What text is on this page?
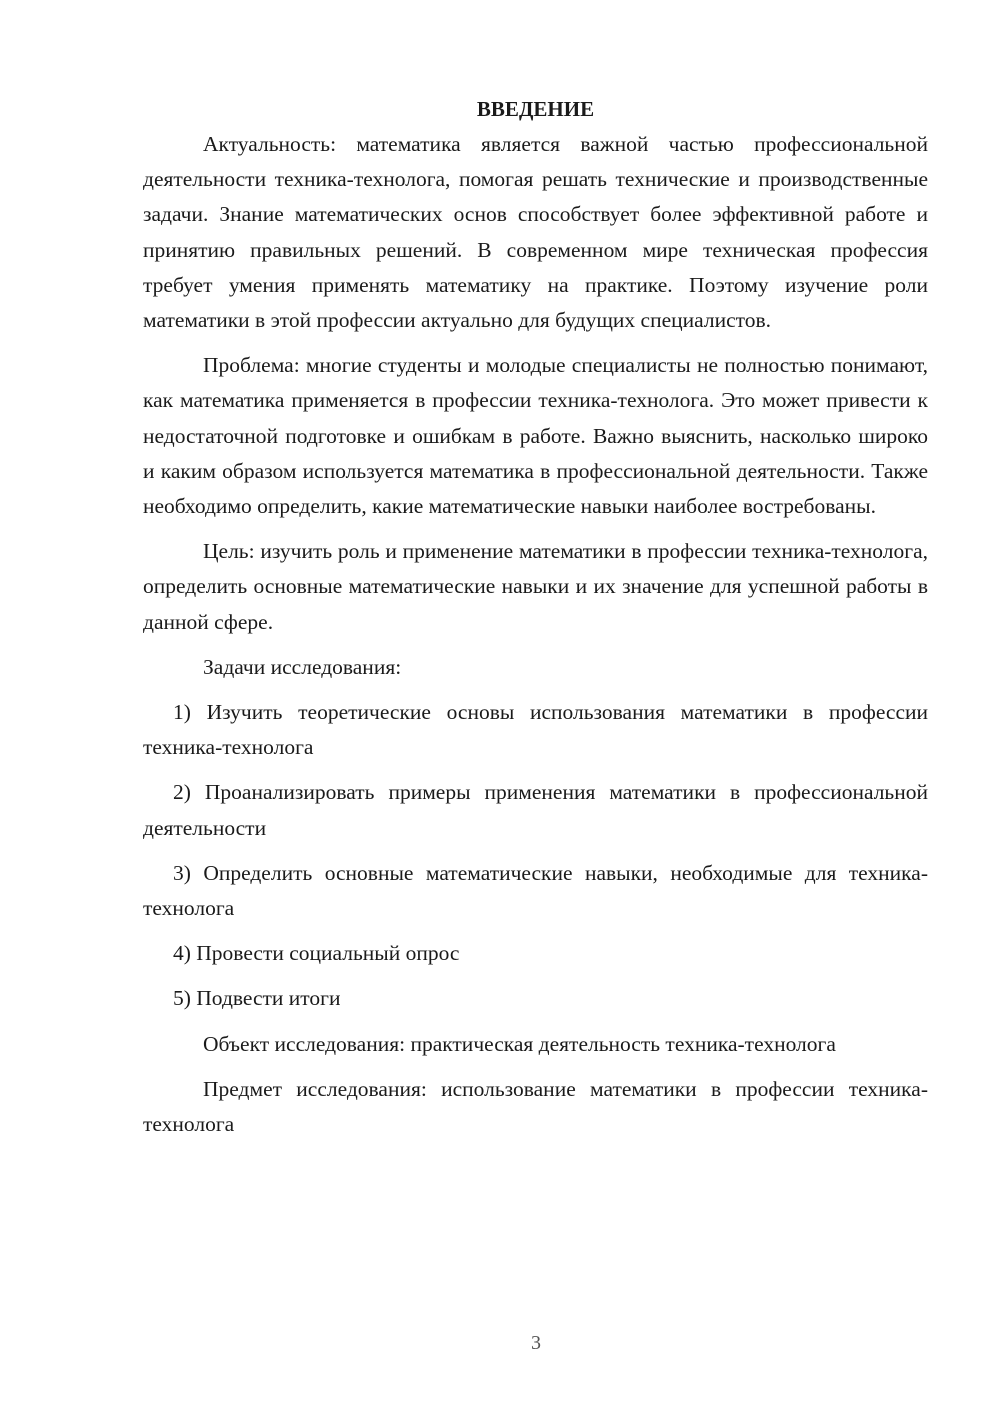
ВВЕДЕНИЕ

Актуальность: математика является важной частью профессиональной деятельности техника-технолога, помогая решать технические и производственные задачи. Знание математических основ способствует более эффективной работе и принятию правильных решений. В современном мире техническая профессия требует умения применять математику на практике. Поэтому изучение роли математики в этой профессии актуально для будущих специалистов.

Проблема: многие студенты и молодые специалисты не полностью понимают, как математика применяется в профессии техника-технолога. Это может привести к недостаточной подготовке и ошибкам в работе. Важно выяснить, насколько широко и каким образом используется математика в профессиональной деятельности. Также необходимо определить, какие математические навыки наиболее востребованы.

Цель: изучить роль и применение математики в профессии техника-технолога, определить основные математические навыки и их значение для успешной работы в данной сфере.

Задачи исследования:

1) Изучить теоретические основы использования математики в профессии техника-технолога

2) Проанализировать примеры применения математики в профессиональной деятельности

3) Определить основные математические навыки, необходимые для техника-технолога

4) Провести социальный опрос

5) Подвести итоги

Объект исследования: практическая деятельность техника-технолога

Предмет исследования: использование математики в профессии техника-технолога

3
